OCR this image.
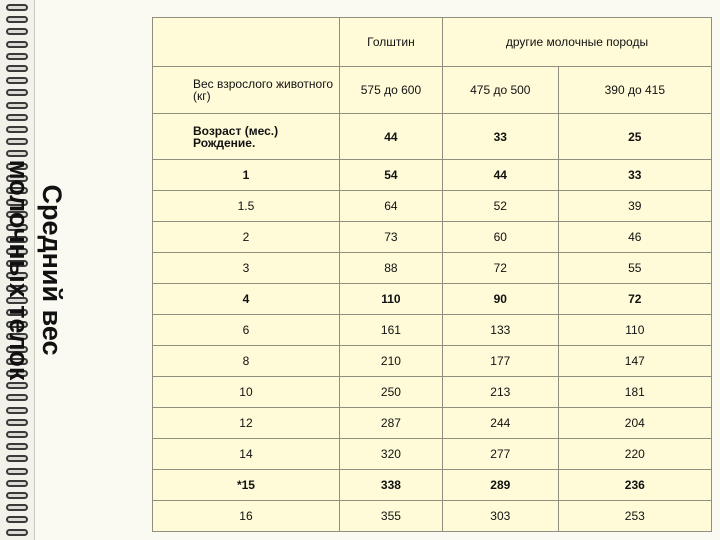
Средний вес
молочных телок
	Голштин	другие молочные породы	
Вес взрослого животного (кг)	575 до 600	475 до 500	390 до 415
Возраст (мес.) Рождение.	44	33	25
1	54	44	33
1.5	64	52	39
2	73	60	46
3	88	72	55
4	110	90	72
6	161	133	110
8	210	177	147
10	250	213	181
12	287	244	204
14	320	277	220
*15	338	289	236
16	355	303	253
